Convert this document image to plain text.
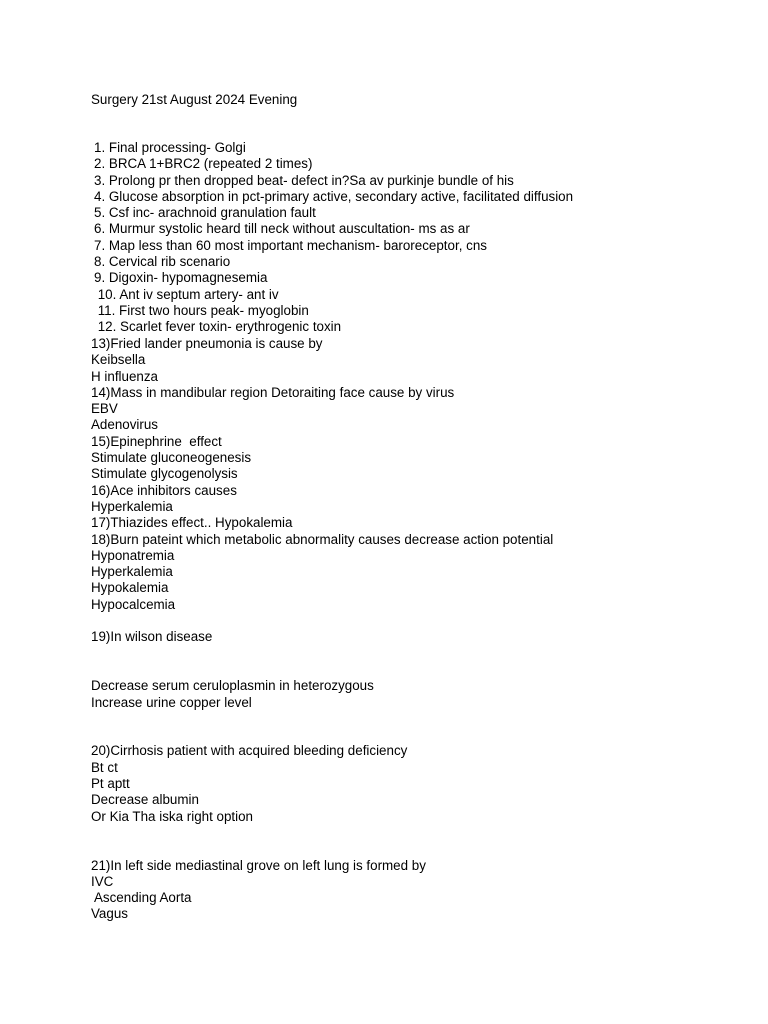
Surgery 21st August 2024 Evening
1. Final processing- Golgi
2. BRCA 1+BRC2 (repeated 2 times)
3. Prolong pr then dropped beat- defect in?Sa av purkinje bundle of his
4. Glucose absorption in pct-primary active, secondary active, facilitated diffusion
5. Csf inc- arachnoid granulation fault
6. Murmur systolic heard till neck without auscultation- ms as ar
7. Map less than 60 most important mechanism- baroreceptor, cns
8. Cervical rib scenario
9. Digoxin- hypomagnesemia
10. Ant iv septum artery- ant iv
11. First two hours peak- myoglobin
12. Scarlet fever toxin- erythrogenic toxin
13)Fried lander pneumonia is cause by
Keibsella
H influenza
14)Mass in mandibular region Detoraiting face cause by virus
EBV
Adenovirus
15)Epinephrine  effect
Stimulate gluconeogenesis
Stimulate glycogenolysis
16)Ace inhibitors causes
Hyperkalemia
17)Thiazides effect.. Hypokalemia
18)Burn pateint which metabolic abnormality causes decrease action potential
Hyponatremia
Hyperkalemia
Hypokalemia
Hypocalcemia
19)In wilson disease
Decrease serum ceruloplasmin in heterozygous
Increase urine copper level
20)Cirrhosis patient with acquired bleeding deficiency
Bt ct
Pt aptt
Decrease albumin
Or Kia Tha iska right option
21)In left side mediastinal grove on left lung is formed by
IVC
Ascending Aorta
Vagus
